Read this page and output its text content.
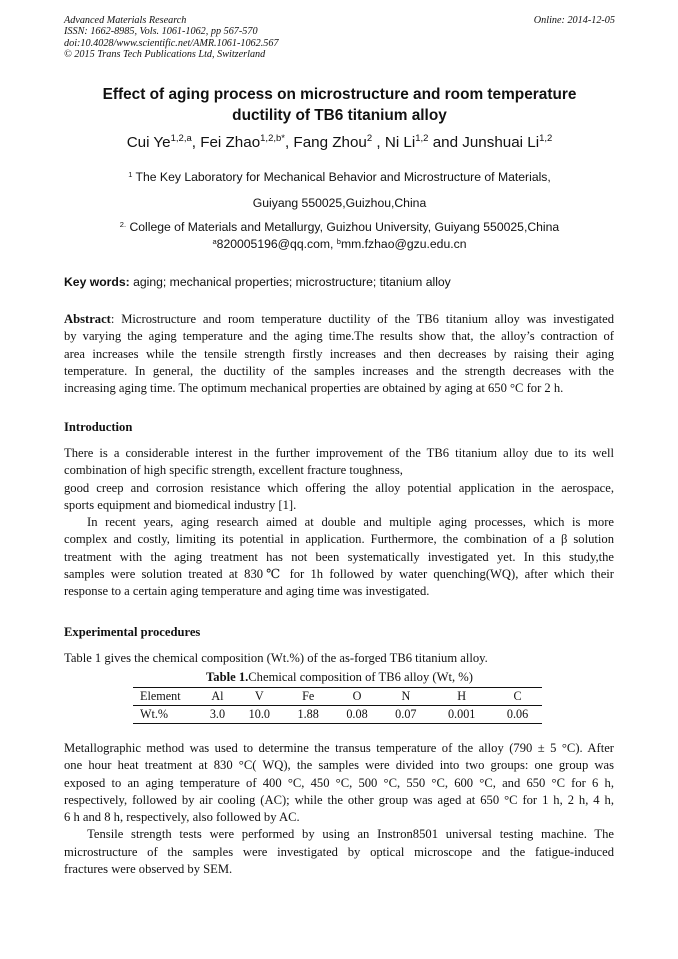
Advanced Materials Research
ISSN: 1662-8985, Vols. 1061-1062, pp 567-570
doi:10.4028/www.scientific.net/AMR.1061-1062.567
© 2015 Trans Tech Publications Ltd, Switzerland
Online: 2014-12-05
Effect of aging process on microstructure and room temperature
ductility of TB6 titanium alloy
Cui Ye$^{1,2,a}$, Fei Zhao$^{1,2,b*}$, Fang Zhou$^2$ , Ni Li$^{1,2}$ and Junshuai Li$^{1,2}$
$^1$ The Key Laboratory for Mechanical Behavior and Microstructure of Materials,
Guiyang 550025,Guizhou,China
$^{2.}$ College of Materials and Metallurgy, Guizhou University, Guiyang 550025,China
$^a$820005196@qq.com, $^b$mm.fzhao@gzu.edu.cn
Key words: aging; mechanical properties; microstructure; titanium alloy
Abstract: Microstructure and room temperature ductility of the TB6 titanium alloy was investigated
by varying the aging temperature and the aging time.The results show that, the alloy’s contraction of
area increases while the tensile strength firstly increases and then decreases by raising their aging
temperature. In general, the ductility of the samples increases and the strength decreases with the
increasing aging time. The optimum mechanical properties are obtained by aging at 650 °C for 2 h.
Introduction
There is a considerable interest in the further improvement of the TB6 titanium alloy due to its well
combination of high specific strength, excellent fracture toughness,
good creep and corrosion resistance which offering the alloy potential application in the aerospace,
sports equipment and biomedical industry [1].
In recent years, aging research aimed at double and multiple aging processes, which is more
complex and costly, limiting its potential in application. Furthermore, the combination of a β solution
treatment with the aging treatment has not been systematically investigated yet. In this study,the
samples were solution treated at 830℃ for 1h followed by water quenching(WQ), after which their
response to a certain aging temperature and aging time was investigated.
Experimental procedures
Table 1 gives the chemical composition (Wt.%) of the as-forged TB6 titanium alloy.
Table 1.Chemical composition of TB6 alloy (Wt, %)
Element	Al	V	Fe	O	N	H	C
Wt.%	3.0	10.0	1.88	0.08	0.07	0.001	0.06
Metallographic method was used to determine the transus temperature of the alloy (790 ± 5 °C). After
one hour heat treatment at 830 °C( WQ), the samples were divided into two groups: one group was
exposed to an aging temperature of 400 °C, 450 °C, 500 °C, 550 °C, 600 °C, and 650 °C for 6 h,
respectively, followed by air cooling (AC); while the other group was aged at 650 °C for 1 h, 2 h, 4 h,
6 h and 8 h, respectively, also followed by AC.
Tensile strength tests were performed by using an Instron8501 universal testing machine. The
microstructure of the samples were investigated by optical microscope and the fatigue-induced
fractures were observed by SEM.
